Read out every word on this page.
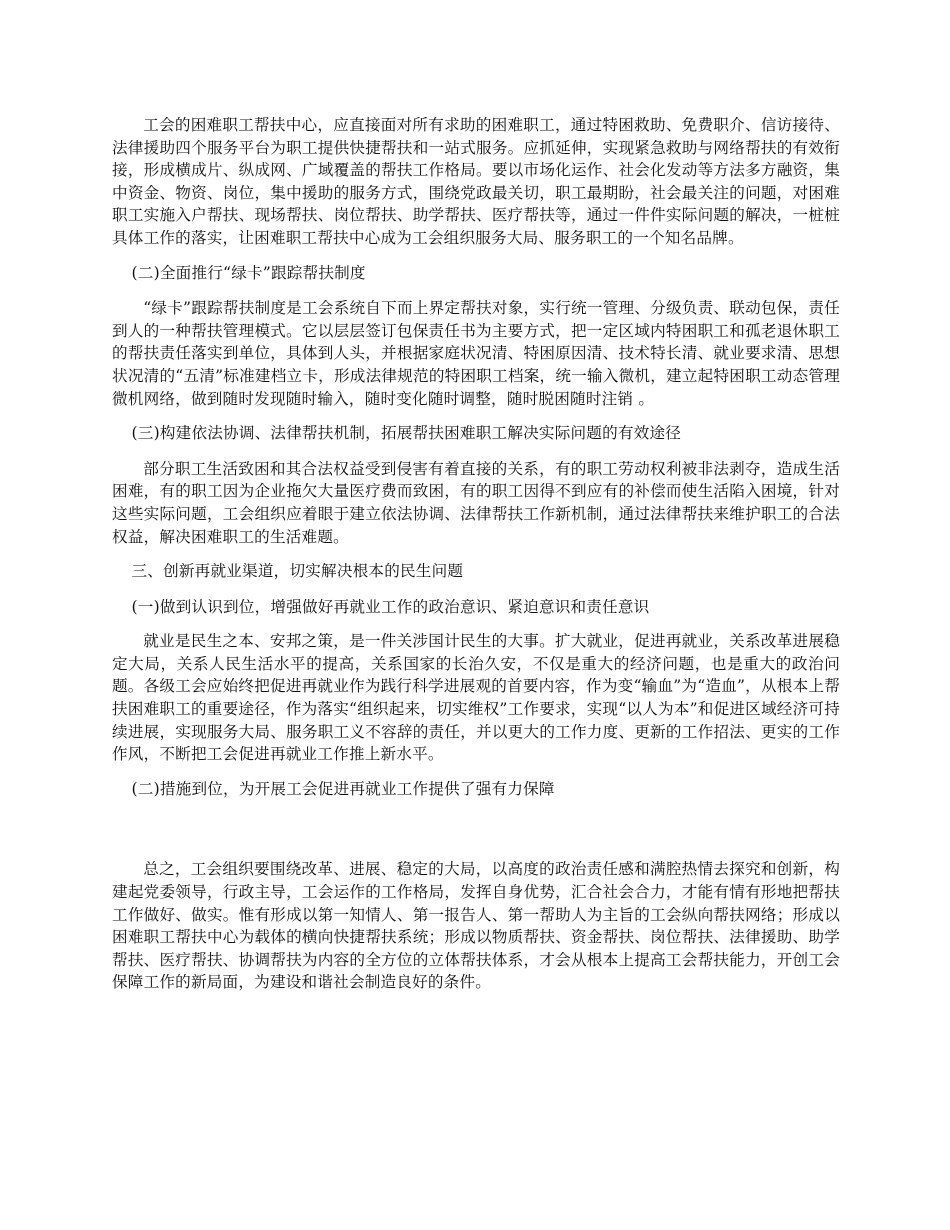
工会的困难职工帮扶中心，应直接面对所有求助的困难职工，通过特困救助、免费职介、信访接待、法律援助四个服务平台为职工提供快捷帮扶和一站式服务。应抓延伸，实现紧急救助与网络帮扶的有效衔接，形成横成片、纵成网、广域覆盖的帮扶工作格局。要以市场化运作、社会化发动等方法多方融资，集中资金、物资、岗位，集中援助的服务方式，围绕党政最关切，职工最期盼，社会最关注的问题，对困难职工实施入户帮扶、现场帮扶、岗位帮扶、助学帮扶、医疗帮扶等，通过一件件实际问题的解决，一桩桩具体工作的落实，让困难职工帮扶中心成为工会组织服务大局、服务职工的一个知名品牌。

(二)全面推行“绿卡”跟踪帮扶制度

“绿卡”跟踪帮扶制度是工会系统自下而上界定帮扶对象，实行统一管理、分级负责、联动包保，责任到人的一种帮扶管理模式。它以层层签订包保责任书为主要方式，把一定区域内特困职工和孤老退休职工的帮扶责任落实到单位，具体到人头，并根据家庭状况清、特困原因清、技术特长清、就业要求清、思想状况清的“五清”标准建档立卡，形成法律规范的特困职工档案，统一输入微机，建立起特困职工动态管理微机网络，做到随时发现随时输入，随时变化随时调整，随时脱困随时注销 。

(三)构建依法协调、法律帮扶机制，拓展帮扶困难职工解决实际问题的有效途径

部分职工生活致困和其合法权益受到侵害有着直接的关系，有的职工劳动权利被非法剥夺，造成生活困难，有的职工因为企业拖欠大量医疗费而致困，有的职工因得不到应有的补偿而使生活陷入困境，针对这些实际问题，工会组织应着眼于建立依法协调、法律帮扶工作新机制，通过法律帮扶来维护职工的合法权益，解决困难职工的生活难题。

三、创新再就业渠道，切实解决根本的民生问题

(一)做到认识到位，增强做好再就业工作的政治意识、紧迫意识和责任意识

就业是民生之本、安邦之策，是一件关涉国计民生的大事。扩大就业，促进再就业，关系改革进展稳定大局，关系人民生活水平的提高，关系国家的长治久安，不仅是重大的经济问题，也是重大的政治问题。各级工会应始终把促进再就业作为践行科学进展观的首要内容，作为变“输血”为“造血”，从根本上帮扶困难职工的重要途径，作为落实“组织起来，切实维权”工作要求，实现“以人为本”和促进区域经济可持续进展，实现服务大局、服务职工义不容辞的责任，并以更大的工作力度、更新的工作招法、更实的工作作风，不断把工会促进再就业工作推上新水平。

(二)措施到位，为开展工会促进再就业工作提供了强有力保障

总之，工会组织要围绕改革、进展、稳定的大局，以高度的政治责任感和满腔热情去探究和创新，构建起党委领导，行政主导，工会运作的工作格局，发挥自身优势，汇合社会合力，才能有情有形地把帮扶工作做好、做实。惟有形成以第一知情人、第一报告人、第一帮助人为主旨的工会纵向帮扶网络；形成以困难职工帮扶中心为载体的横向快捷帮扶系统；形成以物质帮扶、资金帮扶、岗位帮扶、法律援助、助学帮扶、医疗帮扶、协调帮扶为内容的全方位的立体帮扶体系，才会从根本上提高工会帮扶能力，开创工会保障工作的新局面，为建设和谐社会制造良好的条件。
